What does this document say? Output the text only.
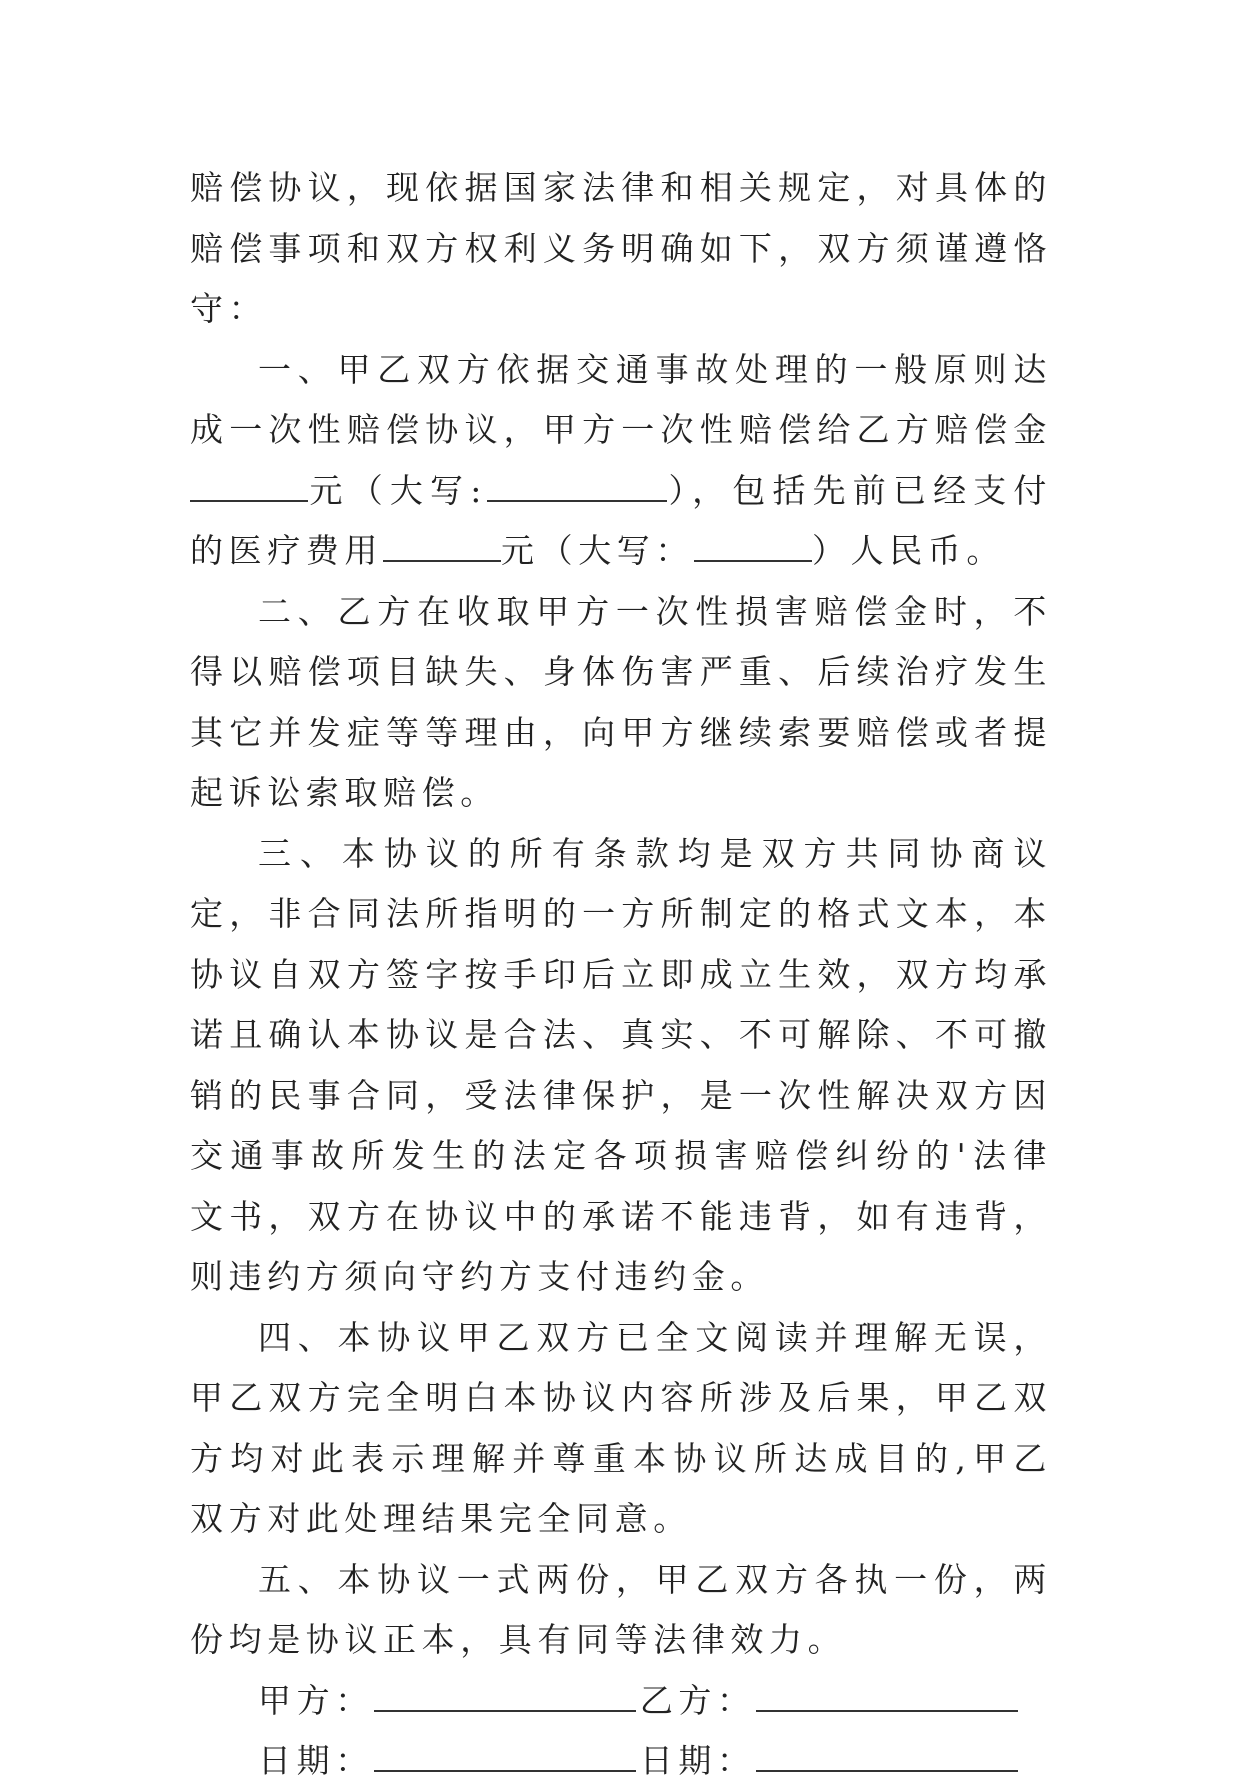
赔偿协议，现依据国家法律和相关规定，对具体的赔偿事项和双方权利义务明确如下，双方须谨遵恪守：

一、甲乙双方依据交通事故处理的一般原则达成一次性赔偿协议，甲方一次性赔偿给乙方赔偿金元（大写:	），包括先前已经支付的医疗费用	元（大写：	）人民币。

二、乙方在收取甲方一次性损害赔偿金时，不得以赔偿项目缺失、身体伤害严重、后续治疗发生其它并发症等等理由，向甲方继续索要赔偿或者提起诉讼索取赔偿。

三、本协议的所有条款均是双方共同协商议定，非合同法所指明的一方所制定的格式文本，本协议自双方签字按手印后立即成立生效，双方均承诺且确认本协议是合法、真实、不可解除、不可撤销的民事合同，受法律保护，是一次性解决双方因交通事故所发生的法定各项损害赔偿纠纷的'法律文书，双方在协议中的承诺不能违背，如有违背，则违约方须向守约方支付违约金。

四、本协议甲乙双方已全文阅读并理解无误，甲乙双方完全明白本协议内容所涉及后果，甲乙双方均对此表示理解并尊重本协议所达成目的,甲乙双方对此处理结果完全同意。

五、本协议一式两份，甲乙双方各执一份，两份均是协议正本，具有同等法律效力。

甲方：	乙方：
日期：	日期：
